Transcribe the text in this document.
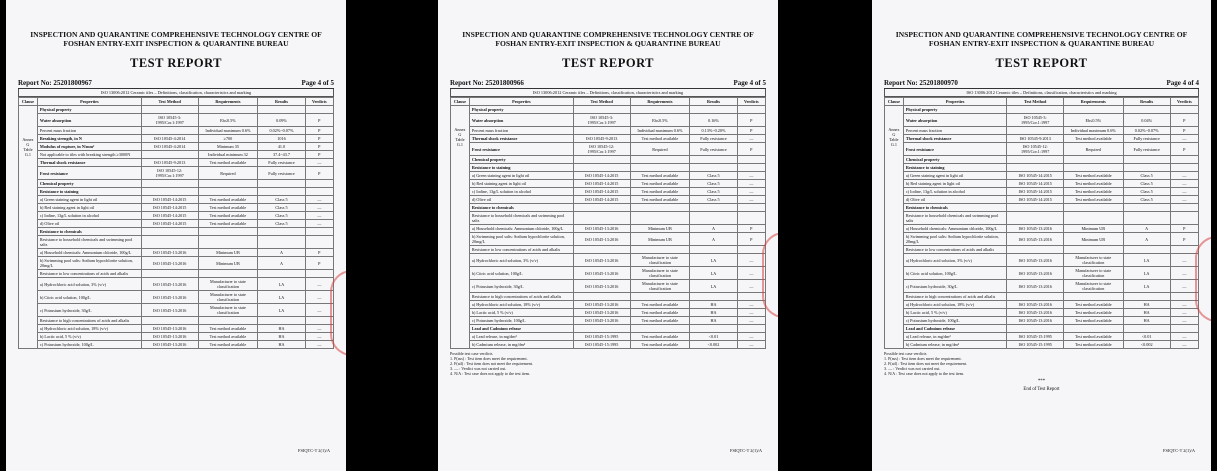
INSPECTION AND QUARANTINE COMPREHENSIVE TECHNOLOGY CENTRE OF
FOSHAN ENTRY-EXIT INSPECTION & QUARANTINE BUREAU
TEST REPORT
Report No: 25201800967	Page 4 of 5
ISO 13006:2012 Ceramic tiles – Definitions, classification, characteristics and marking
Clause	Properties	Test Method	Requirements	Results	Verdicts

Annex
G
Table
G.1	Physical property				
	Water absorption	ISO 10545-3: 1995/Cor.1:1997	Eb≤0.5%	0.09%	P
	Percent mass fraction		Individual maximum 0.6%	0.02%~0.07%	P
	Breaking strength, in N	ISO 10545-4:2014	≥700	1016	P
	Modulus of rupture, in N/mm²	ISO 10545-4:2014	Minimum 35	41.0	P
	Not applicable to tiles with breaking strength ≥3000N		Individual minimum 32	37.4~43.7	P
	Thermal shock resistance	ISO 10545-9:2013	Test method available	Fully resistance	—
	Frost resistance	ISO 10545-12: 1995/Cor.1:1997	Required	Fully resistance	P
	Chemical property				
	Resistance to staining				
	a) Green staining agent in light oil	ISO 10545-14:2015	Test method available	Class 5	—
	b) Red staining agent in light oil	ISO 10545-14:2015	Test method available	Class 5	—
	c) Iodine, 13g/L solution in alcohol	ISO 10545-14:2015	Test method available	Class 5	—
	d) Olive oil	ISO 10545-14:2015	Test method available	Class 5	—
	Resistance to chemicals				
	Resistance to household chemicals and swimming pool salts				
	a) Household chemicals: Ammonium chloride, 100g/L	ISO 10545-13:2016	Minimum UB	A	P
	b) Swimming pool salts: Sodium hypochlorite solution, 20mg/L	ISO 10545-13:2016	Minimum UB	A	P
	Resistance to low concentrations of acids and alkalis				
	a) Hydrochloric acid solution, 3% (v/v)	ISO 10545-13:2016	Manufacturer to state classification	LA	—
	b) Citric acid solution, 100g/L	ISO 10545-13:2016	Manufacturer to state classification	LA	—
	c) Potassium hydroxide, 30g/L	ISO 10545-13:2016	Manufacturer to state classification	LA	—
	Resistance to high concentrations of acids and alkalis				
	a) Hydrochloric acid solution, 18% (v/v)	ISO 10545-13:2016	Test method available	HA	—
	b) Lactic acid, 5 % (v/v)	ISO 10545-13:2016	Test method available	HA	—
	c) Potassium hydroxide, 100g/L	ISO 10545-13:2016	Test method available	HA	—
FSIQTC-T 2(1)/A
INSPECTION AND QUARANTINE COMPREHENSIVE TECHNOLOGY CENTRE OF
FOSHAN ENTRY-EXIT INSPECTION & QUARANTINE BUREAU
TEST REPORT
Report No: 25201800966	Page 4 of 5
ISO 13006:2012 Ceramic tiles – Definitions, classification, characteristics and marking
Clause	Properties	Test Method	Requirements	Results	Verdicts

Annex
G
Table
G.1	Physical property				
	Water absorption	ISO 10545-3: 1995/Cor.1:1997	Eb≤0.5%	0.16%	P
	Percent mass fraction		Individual maximum 0.6%	0.13%~0.20%	P
	Thermal shock resistance	ISO 10545-9:2013	Test method available	Fully resistance	—
	Frost resistance	ISO 10545-12: 1995/Cor.1:1997	Required	Fully resistance	P
	Chemical property				
	Resistance to staining				
	a) Green staining agent in light oil	ISO 10545-14:2015	Test method available	Class 5	—
	b) Red staining agent in light oil	ISO 10545-14:2015	Test method available	Class 5	—
	c) Iodine, 13g/L solution in alcohol	ISO 10545-14:2015	Test method available	Class 5	—
	d) Olive oil	ISO 10545-14:2015	Test method available	Class 5	—
	Resistance to chemicals				
	Resistance to household chemicals and swimming pool salts				
	a) Household chemicals: Ammonium chloride, 100g/L	ISO 10545-13:2016	Minimum UB	A	P
	b) Swimming pool salts: Sodium hypochlorite solution, 20mg/L	ISO 10545-13:2016	Minimum UB	A	P
	Resistance to low concentrations of acids and alkalis				
	a) Hydrochloric acid solution, 3% (v/v)	ISO 10545-13:2016	Manufacturer to state classification	LA	—
	b) Citric acid solution, 100g/L	ISO 10545-13:2016	Manufacturer to state classification	LA	—
	c) Potassium hydroxide, 30g/L	ISO 10545-13:2016	Manufacturer to state classification	LA	—
	Resistance to high concentrations of acids and alkalis				
	a) Hydrochloric acid solution, 18% (v/v)	ISO 10545-13:2016	Test method available	HA	—
	b) Lactic acid, 5 % (v/v)	ISO 10545-13:2016	Test method available	HA	—
	c) Potassium hydroxide, 100g/L	ISO 10545-13:2016	Test method available	HA	—
	Lead and Cadmium release				
	a) Lead release, in mg/dm²	ISO 10545-15:1995	Test method available	<0.01	—
	b) Cadmium release, in mg/dm²	ISO 10545-15:1995	Test method available	<0.002	—
Possible test case verdicts
1. P(ass) : Test item does meet the requirement.
2. F(ail) : Test item does not meet the requirement.
3. — : Verdict was not carried out.
4. N/A : Test case does not apply to the test item.
FSIQTC-T 2(1)/A
INSPECTION AND QUARANTINE COMPREHENSIVE TECHNOLOGY CENTRE OF
FOSHAN ENTRY-EXIT INSPECTION & QUARANTINE BUREAU
TEST REPORT
Report No: 25201800970	Page 4 of 4
ISO 13006:2012 Ceramic tiles – Definitions, classification, characteristics and marking
Clause	Properties	Test Method	Requirements	Results	Verdicts

Annex
G
Table
G.1	Physical property				
	Water absorption	ISO 10545-3: 1995/Cor.1:1997	Eb≤0.5%	0.04%	P
	Percent mass fraction		Individual maximum 0.6%	0.02%~0.07%	P
	Thermal shock resistance	ISO 10545-9:2013	Test method available	Fully resistance	—
	Frost resistance	ISO 10545-12: 1995/Cor.1:1997	Required	Fully resistance	P
	Chemical property				
	Resistance to staining				
	a) Green staining agent in light oil	ISO 10545-14:2015	Test method available	Class 5	—
	b) Red staining agent in light oil	ISO 10545-14:2015	Test method available	Class 5	—
	c) Iodine, 13g/L solution in alcohol	ISO 10545-14:2015	Test method available	Class 5	—
	d) Olive oil	ISO 10545-14:2015	Test method available	Class 5	—
	Resistance to chemicals				
	Resistance to household chemicals and swimming pool salts				
	a) Household chemicals: Ammonium chloride, 100g/L	ISO 10545-13:2016	Minimum UB	A	P
	b) Swimming pool salts: Sodium hypochlorite solution, 20mg/L	ISO 10545-13:2016	Minimum UB	A	P
	Resistance to low concentrations of acids and alkalis				
	a) Hydrochloric acid solution, 3% (v/v)	ISO 10545-13:2016	Manufacturer to state classification	LA	—
	b) Citric acid solution, 100g/L	ISO 10545-13:2016	Manufacturer to state classification	LA	—
	c) Potassium hydroxide, 30g/L	ISO 10545-13:2016	Manufacturer to state classification	LA	—
	Resistance to high concentrations of acids and alkalis				
	a) Hydrochloric acid solution, 18% (v/v)	ISO 10545-13:2016	Test method available	HA	—
	b) Lactic acid, 5 % (v/v)	ISO 10545-13:2016	Test method available	HA	—
	c) Potassium hydroxide, 100g/L	ISO 10545-13:2016	Test method available	HA	—
	Lead and Cadmium release				
	a) Lead release, in mg/dm²	ISO 10545-15:1995	Test method available	<0.01	—
	b) Cadmium release, in mg/dm²	ISO 10545-15:1995	Test method available	<0.002	—
Possible test case verdicts
1. P(ass) : Test item does meet the requirement.
2. F(ail) : Test item does not meet the requirement.
3. — : Verdict was not carried out.
4. N/A : Test case does not apply to the test item.
***
End of Test Report
FSIQTC-T 2(1)/A
